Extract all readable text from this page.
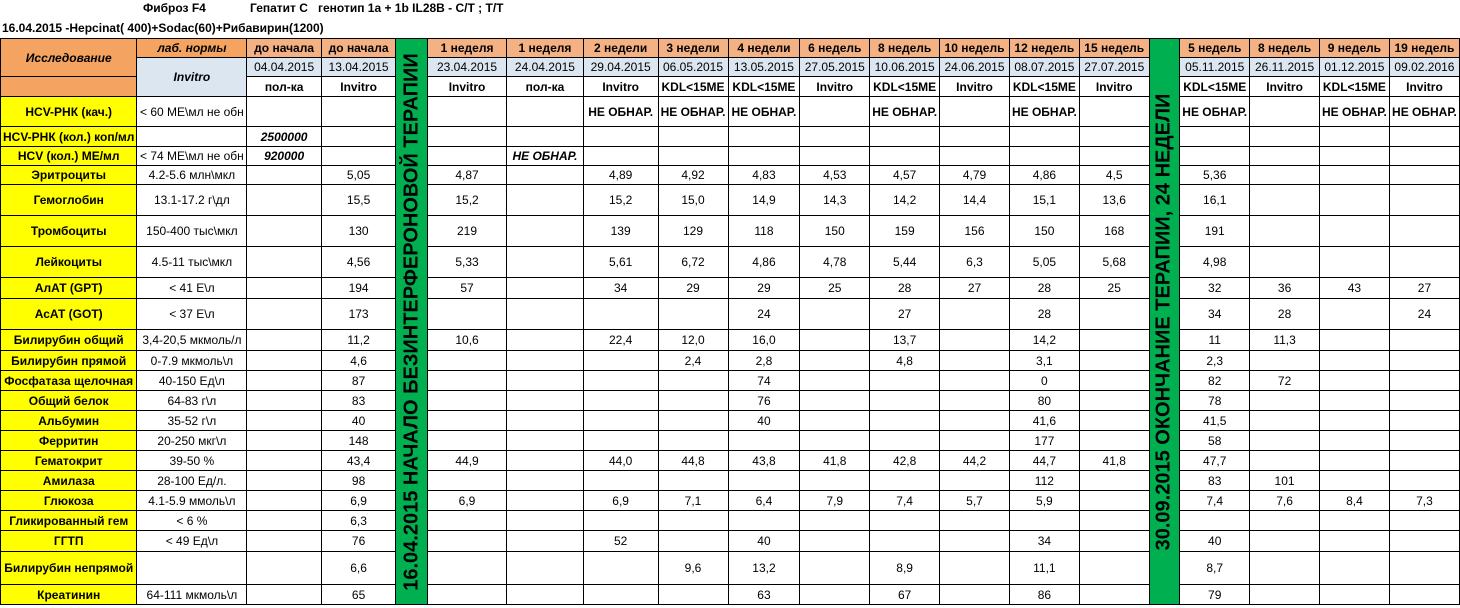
Фиброз F4	Гепатит С генотип 1a + 1b IL28B - C/T ; T/T
16.04.2015 -Hepcinat( 400)+Sodac(60)+Рибавирин(1200)
Исследование	лаб. нормы	до начала	до начала	16.04.2015 НАЧАЛО БЕЗИНТЕРФЕРОНОВОЙ ТЕРАПИИ	1 неделя	1 неделя	2 недели	3 недели	4 недели	6 недель	8 недель	10 недель	12 недель	15 недель	30.09.2015 ОКОНЧАНИЕ ТЕРАПИИ, 24 НЕДЕЛИ	5 недель	8 недель	9 недель	19 недель
	Invitro	04.04.2015	13.04.2015		23.04.2015	24.04.2015	29.04.2015	06.05.2015	13.05.2015	27.05.2015	10.06.2015	24.06.2015	08.07.2015	27.07.2015		05.11.2015	26.11.2015	01.12.2015	09.02.2016
		пол-ка	Invitro		Invitro	пол-ка	Invitro	KDL<15ME	KDL<15ME	Invitro	KDL<15ME	Invitro	KDL<15ME	Invitro		KDL<15ME	Invitro	KDL<15ME	Invitro
HCV-РНК (кач.)	< 60 МЕ\мл не обн						НЕ ОБНАР.	НЕ ОБНАР.	НЕ ОБНАР.		НЕ ОБНАР.		НЕ ОБНАР.			НЕ ОБНАР.		НЕ ОБНАР.	НЕ ОБНАР.
HCV-РНК (кол.) коп/мл		2500000																	
HCV (кол.) МЕ/мл	< 74 МЕ\мл не обн	920000				НЕ ОБНАР.													
Эритроциты	4.2-5.6 млн\мкл		5,05		4,87		4,89	4,92	4,83	4,53	4,57	4,79	4,86	4,5		5,36			
Гемоглобин	13.1-17.2 г\дл		15,5		15,2		15,2	15,0	14,9	14,3	14,2	14,4	15,1	13,6		16,1			
Тромбоциты	150-400 тыс\мкл		130		219		139	129	118	150	159	156	150	168		191			
Лейкоциты	4.5-11 тыс\мкл		4,56		5,33		5,61	6,72	4,86	4,78	5,44	6,3	5,05	5,68		4,98			
АлАТ (GPT)	< 41 Е\л		194		57		34	29	29	25	28	27	28	25		32	36	43	27
АсАТ (GOT)	< 37 Е\л		173						24		27		28			34	28		24
Билирубин общий	3,4-20,5 мкмоль/л		11,2		10,6		22,4	12,0	16,0		13,7		14,2			11	11,3		
Билирубин прямой	0-7.9 мкмоль\л		4,6					2,4	2,8		4,8		3,1			2,3			
Фосфатаза щелочная	40-150 Ед\л		87						74				0			82	72		
Общий белок	64-83 г\л		83						76				80			78			
Альбумин	35-52 г\л		40						40				41,6			41,5			
Ферритин	20-250 мкг\л		148										177			58			
Гематокрит	39-50 %		43,4		44,9		44,0	44,8	43,8	41,8	42,8	44,2	44,7	41,8		47,7			
Амилаза	28-100 Ед/л.		98										112			83	101		
Глюкоза	4.1-5.9 ммоль\л		6,9		6,9		6,9	7,1	6,4	7,9	7,4	5,7	5,9			7,4	7,6	8,4	7,3
Гликированный гем	< 6 %		6,3																
ГГТП	< 49 Ед\л		76				52		40				34			40			
Билирубин непрямой			6,6					9,6	13,2		8,9		11,1			8,7			
Креатинин	64-111 мкмоль\л		65						63		67		86			79			
